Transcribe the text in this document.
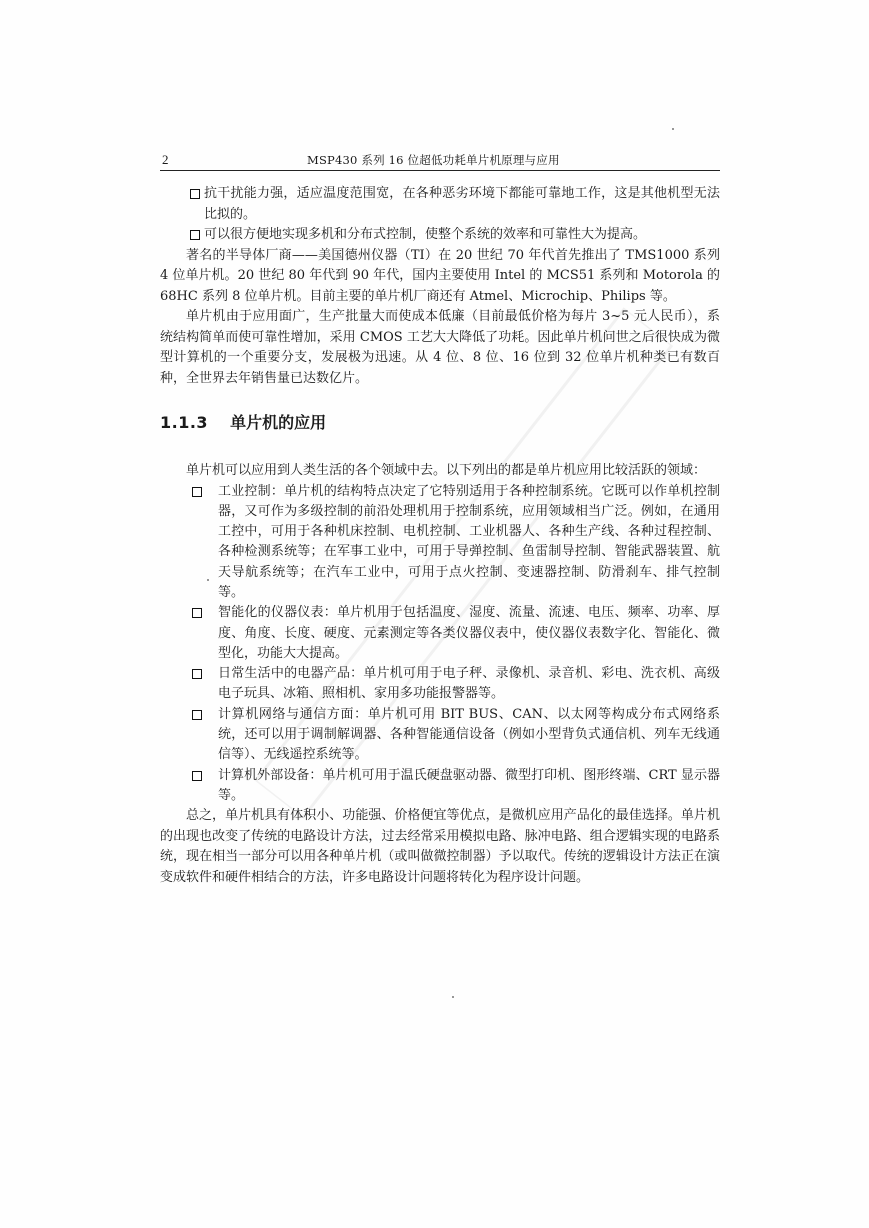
2	MSP430 系列 16 位超低功耗单片机原理与应用
抗干扰能力强，适应温度范围宽，在各种恶劣环境下都能可靠地工作，这是其他机型无法比拟的。
可以很方便地实现多机和分布式控制，使整个系统的效率和可靠性大为提高。

著名的半导体厂商——美国德州仪器（TI）在 20 世纪 70 年代首先推出了 TMS1000 系列 4 位单片机。20 世纪 80 年代到 90 年代，国内主要使用 Intel 的 MCS51 系列和 Motorola 的 68HC 系列 8 位单片机。目前主要的单片机厂商还有 Atmel、Microchip、Philips 等。

单片机由于应用面广，生产批量大而使成本低廉（目前最低价格为每片 3~5 元人民币），系统结构简单而使可靠性增加，采用 CMOS 工艺大大降低了功耗。因此单片机问世之后很快成为微型计算机的一个重要分支，发展极为迅速。从 4 位、8 位、16 位到 32 位单片机种类已有数百种，全世界去年销售量已达数亿片。

1.1.3 单片机的应用

单片机可以应用到人类生活的各个领域中去。以下列出的都是单片机应用比较活跃的领域：

工业控制：单片机的结构特点决定了它特别适用于各种控制系统。它既可以作单机控制器，又可作为多级控制的前沿处理机用于控制系统，应用领域相当广泛。例如，在通用工控中，可用于各种机床控制、电机控制、工业机器人、各种生产线、各种过程控制、各种检测系统等；在军事工业中，可用于导弹控制、鱼雷制导控制、智能武器装置、航天导航系统等；在汽车工业中，可用于点火控制、变速器控制、防滑刹车、排气控制等。
智能化的仪器仪表：单片机用于包括温度、湿度、流量、流速、电压、频率、功率、厚度、角度、长度、硬度、元素测定等各类仪器仪表中，使仪器仪表数字化、智能化、微型化，功能大大提高。
日常生活中的电器产品：单片机可用于电子秤、录像机、录音机、彩电、洗衣机、高级电子玩具、冰箱、照相机、家用多功能报警器等。
计算机网络与通信方面：单片机可用 BIT BUS、CAN、以太网等构成分布式网络系统，还可以用于调制解调器、各种智能通信设备（例如小型背负式通信机、列车无线通信等）、无线遥控系统等。
计算机外部设备：单片机可用于温氏硬盘驱动器、微型打印机、图形终端、CRT 显示器等。

总之，单片机具有体积小、功能强、价格便宜等优点，是微机应用产品化的最佳选择。单片机的出现也改变了传统的电路设计方法，过去经常采用模拟电路、脉冲电路、组合逻辑实现的电路系统，现在相当一部分可以用各种单片机（或叫做微控制器）予以取代。传统的逻辑设计方法正在演变成软件和硬件相结合的方法，许多电路设计问题将转化为程序设计问题。
